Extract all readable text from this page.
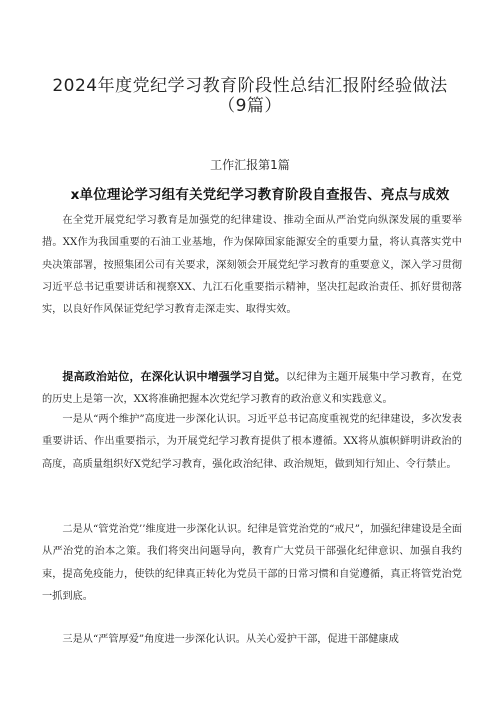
2024年度党纪学习教育阶段性总结汇报附经验做法
（9篇）
工作汇报第1篇
x单位理论学习组有关党纪学习教育阶段自查报告、亮点与成效

在全党开展党纪学习教育是加强党的纪律建设、推动全面从严治党向纵深发展的重要举措。XX作为我国重要的石油工业基地，作为保障国家能源安全的重要力量，将认真落实党中央决策部署，按照集团公司有关要求，深刻领会开展党纪学习教育的重要意义，深入学习贯彻习近平总书记重要讲话和视察XX、九江石化重要指示精神，坚决扛起政治责任、抓好贯彻落实，以良好作风保证党纪学习教育走深走实、取得实效。

提高政治站位，在深化认识中增强学习自觉。以纪律为主题开展集中学习教育，在党的历史上是第一次，XX将准确把握本次党纪学习教育的政治意义和实践意义。

一是从“两个维护”高度进一步深化认识。习近平总书记高度重视党的纪律建设，多次发表重要讲话、作出重要指示，为开展党纪学习教育提供了根本遵循。XX将从旗帜鲜明讲政治的高度，高质量组织好X党纪学习教育，强化政治纪律、政治规矩，做到知行知止、令行禁止。

二是从“管党治党’’维度进一步深化认识。纪律是管党治党的“戒尺”，加强纪律建设是全面从严治党的治本之策。我们将突出问题导向，教育广大党员干部强化纪律意识、加强自我约束，提高免疫能力，使铁的纪律真正转化为党员干部的日常习惯和自觉遵循，真正将管党治党一抓到底。

三是从“严管厚爱”角度进一步深化认识。从关心爱护干部，促进干部健康成
